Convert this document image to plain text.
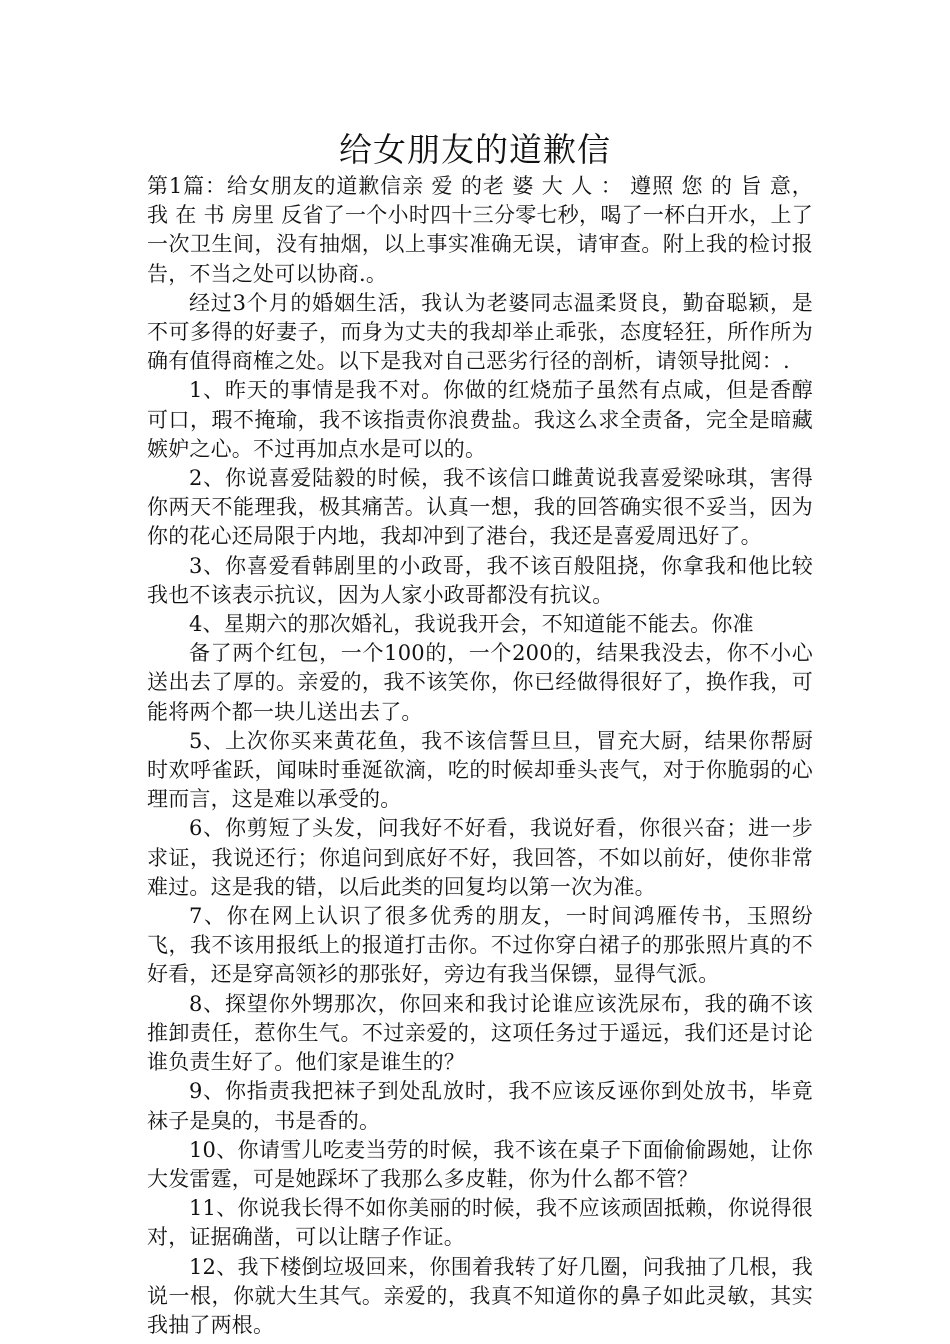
给女朋友的道歉信

第1篇：给女朋友的道歉信亲 爱 的老 婆 大 人 ： 遵照 您 的 旨 意， 我 在 书 房里 反省了一个小时四十三分零七秒，喝了一杯白开水，上了一次卫生间，没有抽烟，以上事实准确无误，请审查。附上我的检讨报告，不当之处可以协商.。

经过3个月的婚姻生活，我认为老婆同志温柔贤良，勤奋聪颖，是不可多得的好妻子，而身为丈夫的我却举止乖张，态度轻狂，所作所为确有值得商榷之处。以下是我对自己恶劣行径的剖析，请领导批阅：.

1、昨天的事情是我不对。你做的红烧茄子虽然有点咸，但是香醇可口，瑕不掩瑜，我不该指责你浪费盐。我这么求全责备，完全是暗藏嫉妒之心。不过再加点水是可以的。

2、你说喜爱陆毅的时候，我不该信口雌黄说我喜爱梁咏琪，害得你两天不能理我，极其痛苦。认真一想，我的回答确实很不妥当，因为你的花心还局限于内地，我却冲到了港台，我还是喜爱周迅好了。

3、你喜爱看韩剧里的小政哥，我不该百般阻挠，你拿我和他比较我也不该表示抗议，因为人家小政哥都没有抗议。

4、星期六的那次婚礼，我说我开会，不知道能不能去。你准

备了两个红包，一个100的，一个200的，结果我没去，你不小心送出去了厚的。亲爱的，我不该笑你，你已经做得很好了，换作我，可能将两个都一块儿送出去了。

5、上次你买来黄花鱼，我不该信誓旦旦，冒充大厨，结果你帮厨时欢呼雀跃，闻味时垂涎欲滴，吃的时候却垂头丧气，对于你脆弱的心理而言，这是难以承受的。

6、你剪短了头发，问我好不好看，我说好看，你很兴奋；进一步求证，我说还行；你追问到底好不好，我回答，不如以前好，使你非常难过。这是我的错，以后此类的回复均以第一次为准。

7、你在网上认识了很多优秀的朋友，一时间鸿雁传书，玉照纷飞，我不该用报纸上的报道打击你。不过你穿白裙子的那张照片真的不好看，还是穿高领衫的那张好，旁边有我当保镖，显得气派。

8、探望你外甥那次，你回来和我讨论谁应该洗尿布，我的确不该推卸责任，惹你生气。不过亲爱的，这项任务过于遥远，我们还是讨论谁负责生好了。他们家是谁生的？

9、你指责我把袜子到处乱放时，我不应该反诬你到处放书，毕竟袜子是臭的，书是香的。

10、你请雪儿吃麦当劳的时候，我不该在桌子下面偷偷踢她，让你大发雷霆，可是她踩坏了我那么多皮鞋，你为什么都不管？

11、你说我长得不如你美丽的时候，我不应该顽固抵赖，你说得很对，证据确凿，可以让瞎子作证。

12、我下楼倒垃圾回来，你围着我转了好几圈，问我抽了几根，我说一根，你就大生其气。亲爱的，我真不知道你的鼻子如此灵敏，其实我抽了两根。
